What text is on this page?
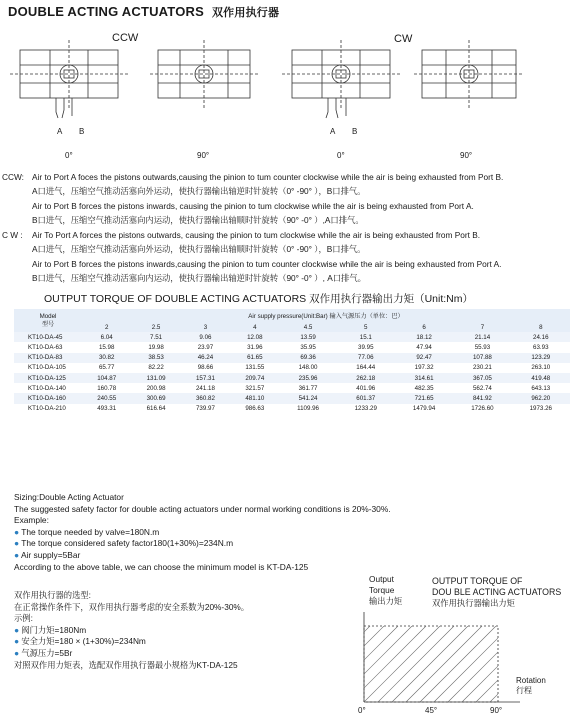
DOUBLE ACTING ACTUATORS 双作用执行器
CCW	CW
A B	A B
0°	90°	0°	90°
CCW: Air to Port A foces the pistons outwards,causing the pinion to tum counter clockwise while the air is being exhausted from Port B.
A口进气，压缩空气推动活塞向外运动，使执行器输出轴逆时针旋转（0° -90° ），B口排气。
Air to Port B forces the pistons inwards, causing the pinion to tum clockwise while the air is being exhausted from Port A.
B口进气，压缩空气推动活塞向内运动，使执行器输出轴顺时针旋转（90° -0° ）,A口排气。
C W : Air To Port A forces the pistons outwards, causing the pinion to tum clockwise while the air is being exhausted from Port B.
A口进气，压缩空气推动活塞向外运动，使执行器输出轴顺时针旋转（0° -90° ），B口排气。
Air to Port B forces the pistons inwards,causing the pinion to tum counter clockwise while the air is being exhausted from Port A.
B口进气，压缩空气推动活塞向内运动，使执行器输出轴逆时针旋转（90° -0° ）, A口排气。
OUTPUT TORQUE OF DOUBLE ACTING ACTUATORS 双作用执行器输出力矩（Unit:Nm）
Model
型号	Air supply pressure(Unit:Bar) 输入气源压力（单位：巴）								
	2	2.5	3	4	4.5	5	6	7	8
KT10-DA-45	6.04	7.51	9.06	12.08	13.59	15.1	18.12	21.14	24.16
KT10-DA-63	15.98	19.98	23.97	31.96	35.95	39.95	47.94	55.93	63.93
KT10-DA-83	30.82	38.53	46.24	61.65	69.36	77.06	92.47	107.88	123.29
KT10-DA-105	65.77	82.22	98.66	131.55	148.00	164.44	197.32	230.21	263.10
KT10-DA-125	104.87	131.09	157.31	209.74	235.96	262.18	314.61	367.05	419.48
KT10-DA-140	160.78	200.98	241.18	321.57	361.77	401.96	482.35	562.74	643.13
KT10-DA-160	240.55	300.69	360.82	481.10	541.24	601.37	721.65	841.92	962.20
KT10-DA-210	493.31	616.64	739.97	986.63	1109.96	1233.29	1479.94	1726.60	1973.26
Sizing:Double Acting Actuator
The suggested safety factor for double acting actuators under normal working conditions is 20%-30%.
Example:
● The torque needed by valve=180N.m
● The torque considered safety factor180(1+30%)=234N.m
● Air supply=5Bar
According to the above table, we can choose the minimum model is KT-DA-125
双作用执行器的选型:
在正常操作条件下，双作用执行器考虑的安全系数为20%-30%。
示例:
● 阀门力矩=180Nm
● 安全力矩=180 × (1+30%)=234Nm
● 气源压力=5Br
对照双作用力矩表，选配双作用执行器最小规格为KT-DA-125
Output
Torque
输出力矩
OUTPUT TORQUE OF
DOU BLE ACTING ACTUATORS
双作用执行器输出力矩
Rotation
行程
0°	45°	90°
